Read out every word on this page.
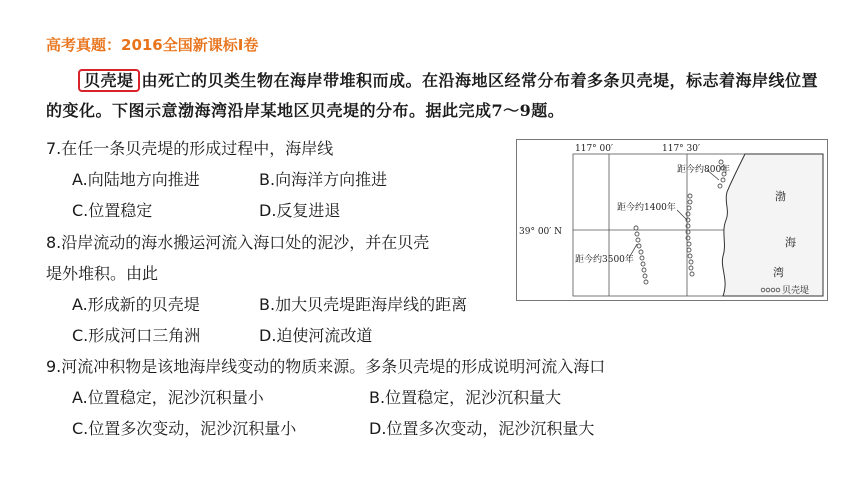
高考真题：2016全国新课标Ⅰ卷
贝壳堤 由死亡的贝类生物在海岸带堆积而成。在沿海地区经常分布着多条贝壳堤，标志着海岸线位置的变化。下图示意渤海湾沿岸某地区贝壳堤的分布。据此完成7～9题。
7.在任一条贝壳堤的形成过程中，海岸线
A.向陆地方向推进	B.向海洋方向推进
C.位置稳定	D.反复进退
8.沿岸流动的海水搬运河流入海口处的泥沙，并在贝壳
堤外堆积。由此
A.形成新的贝壳堤	B.加大贝壳堤距海岸线的距离
C.形成河口三角洲	D.迫使河流改道
9.河流冲积物是该地海岸线变动的物质来源。多条贝壳堤的形成说明河流入海口
A.位置稳定，泥沙沉积量小	B.位置稳定，泥沙沉积量大
C.位置多次变动，泥沙沉积量小	D.位置多次变动，泥沙沉积量大
117° 00′	117° 30′
39° 00′ N
距今约800年
距今约1400年
距今约3500年
渤
海
湾
贝壳堤
